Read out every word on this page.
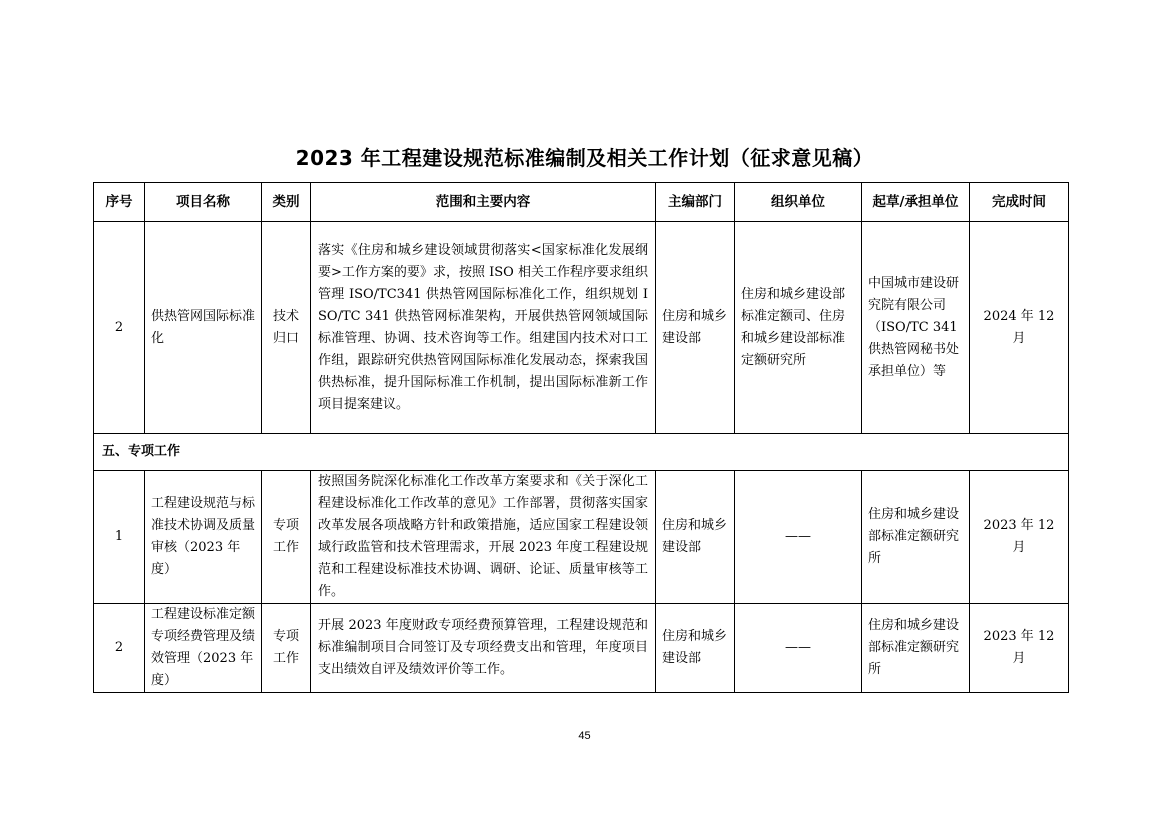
2023 年工程建设规范标准编制及相关工作计划（征求意见稿）
序号	项目名称	类别	范围和主要内容	主编部门	组织单位	起草/承担单位	完成时间
2	供热管网国际标准化	技术归口	落实《住房和城乡建设领域贯彻落实<国家标准化发展纲要>工作方案的要》求，按照 ISO 相关工作程序要求组织管理 ISO/TC341 供热管网国际标准化工作，组织规划 ISO/TC 341 供热管网标准架构，开展供热管网领域国际标准管理、协调、技术咨询等工作。组建国内技术对口工作组，跟踪研究供热管网国际标准化发展动态，探索我国供热标准，提升国际标准工作机制，提出国际标准新工作项目提案建议。	住房和城乡建设部	住房和城乡建设部标准定额司、住房和城乡建设部标准定额研究所	中国城市建设研究院有限公司（ISO/TC 341 供热管网秘书处承担单位）等	2024 年 12 月
五、专项工作							
1	工程建设规范与标准技术协调及质量审核（2023 年度）	专项工作	按照国务院深化标准化工作改革方案要求和《关于深化工程建设标准化工作改革的意见》工作部署，贯彻落实国家改革发展各项战略方针和政策措施，适应国家工程建设领域行政监管和技术管理需求，开展 2023 年度工程建设规范和工程建设标准技术协调、调研、论证、质量审核等工作。	住房和城乡建设部	——	住房和城乡建设部标准定额研究所	2023 年 12 月
2	工程建设标准定额专项经费管理及绩效管理（2023 年度）	专项工作	开展 2023 年度财政专项经费预算管理，工程建设规范和标准编制项目合同签订及专项经费支出和管理，年度项目支出绩效自评及绩效评价等工作。	住房和城乡建设部	——	住房和城乡建设部标准定额研究所	2023 年 12 月
45
